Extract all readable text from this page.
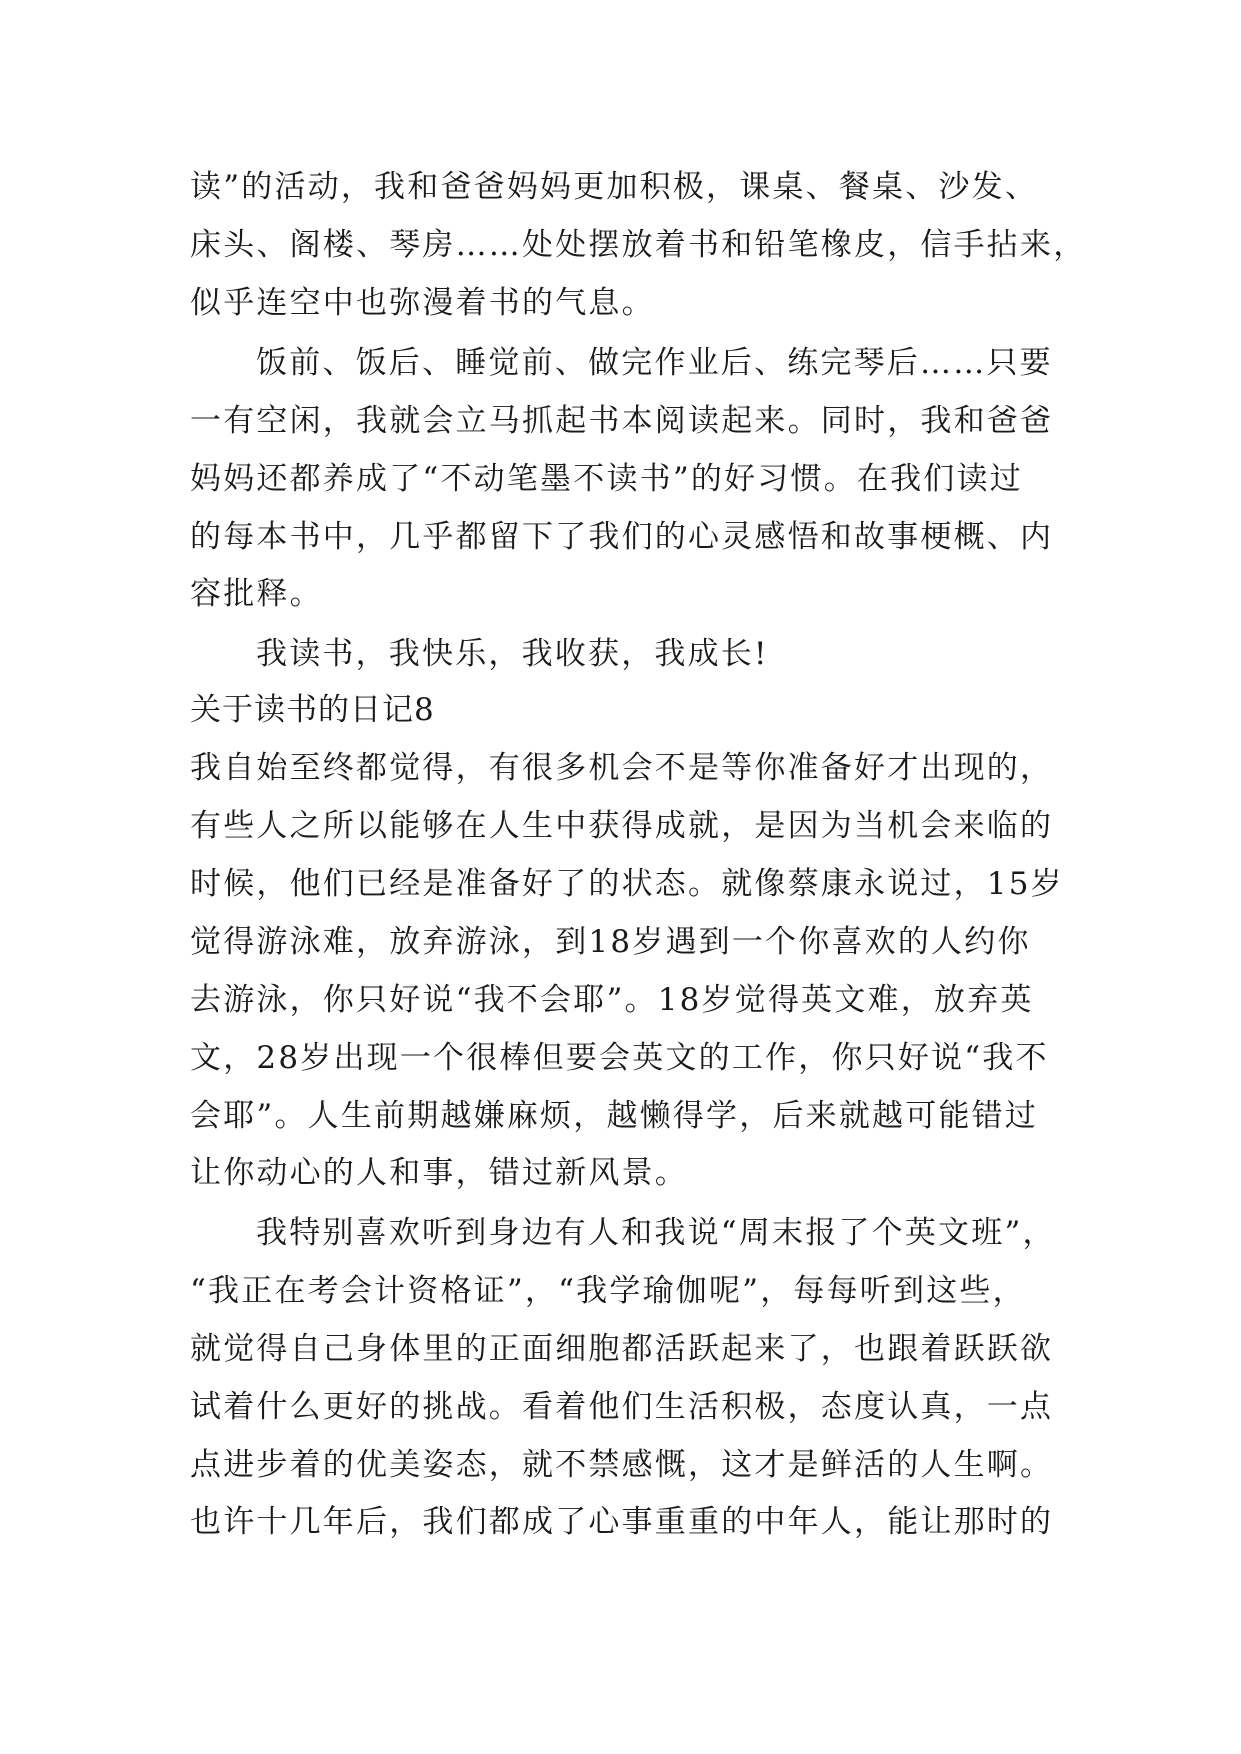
读”的活动，我和爸爸妈妈更加积极，课桌、餐桌、沙发、
床头、阁楼、琴房……处处摆放着书和铅笔橡皮，信手拈来，
似乎连空中也弥漫着书的气息。
饭前、饭后、睡觉前、做完作业后、练完琴后……只要
一有空闲，我就会立马抓起书本阅读起来。同时，我和爸爸
妈妈还都养成了“不动笔墨不读书”的好习惯。在我们读过
的每本书中，几乎都留下了我们的心灵感悟和故事梗概、内
容批释。
我读书，我快乐，我收获，我成长!
关于读书的日记8
我自始至终都觉得，有很多机会不是等你准备好才出现的，
有些人之所以能够在人生中获得成就，是因为当机会来临的
时候，他们已经是准备好了的状态。就像蔡康永说过，15岁
觉得游泳难，放弃游泳，到18岁遇到一个你喜欢的人约你
去游泳，你只好说“我不会耶”。18岁觉得英文难，放弃英
文，28岁出现一个很棒但要会英文的工作，你只好说“我不
会耶”。人生前期越嫌麻烦，越懒得学，后来就越可能错过
让你动心的人和事，错过新风景。
我特别喜欢听到身边有人和我说“周末报了个英文班”，
“我正在考会计资格证”，“我学瑜伽呢”，每每听到这些，
就觉得自己身体里的正面细胞都活跃起来了，也跟着跃跃欲
试着什么更好的挑战。看着他们生活积极，态度认真，一点
点进步着的优美姿态，就不禁感慨，这才是鲜活的人生啊。
也许十几年后，我们都成了心事重重的中年人，能让那时的
